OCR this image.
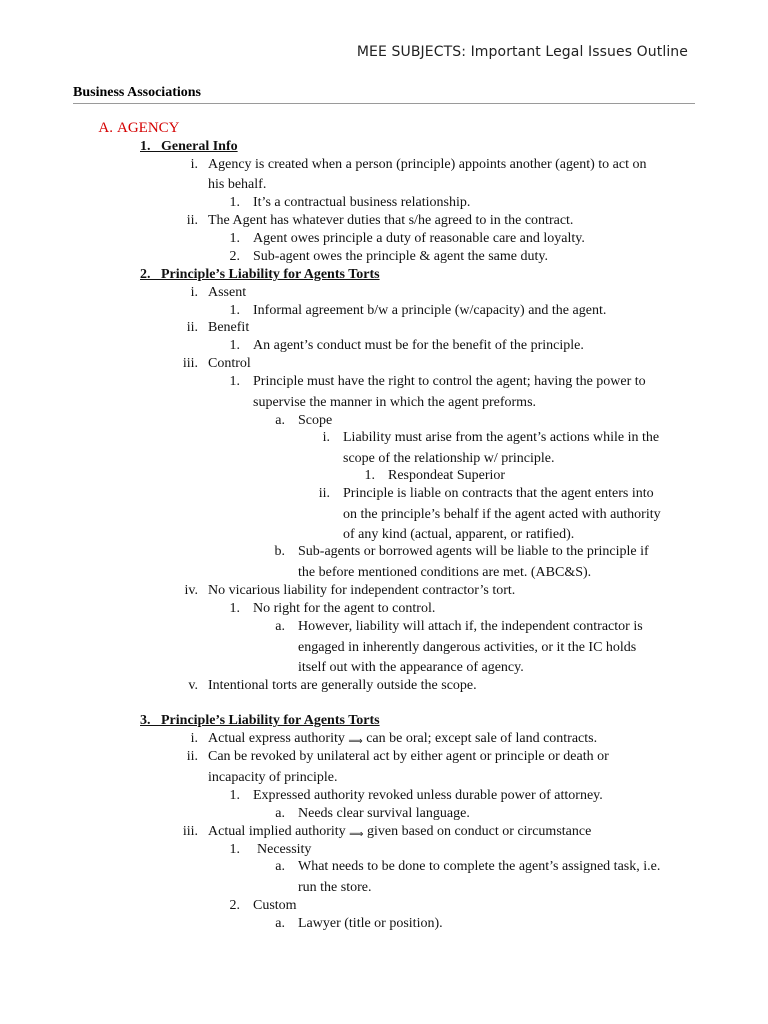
MEE SUBJECTS: Important Legal Issues Outline
Business Associations
A. AGENCY
1. General Info
i. Agency is created when a person (principle) appoints another (agent) to act on
his behalf.
1. It’s a contractual business relationship.
ii. The Agent has whatever duties that s/he agreed to in the contract.
1. Agent owes principle a duty of reasonable care and loyalty.
2. Sub-agent owes the principle & agent the same duty.
2. Principle’s Liability for Agents Torts
i. Assent
1. Informal agreement b/w a principle (w/capacity) and the agent.
ii. Benefit
1. An agent’s conduct must be for the benefit of the principle.
iii. Control
1. Principle must have the right to control the agent; having the power to
supervise the manner in which the agent preforms.
a. Scope
i. Liability must arise from the agent’s actions while in the
scope of the relationship w/ principle.
1. Respondeat Superior
ii. Principle is liable on contracts that the agent enters into
on the principle’s behalf if the agent acted with authority
of any kind (actual, apparent, or ratified).
b. Sub-agents or borrowed agents will be liable to the principle if
the before mentioned conditions are met. (ABC&S).
iv. No vicarious liability for independent contractor’s tort.
1. No right for the agent to control.
a. However, liability will attach if, the independent contractor is
engaged in inherently dangerous activities, or it the IC holds
itself out with the appearance of agency.
v. Intentional torts are generally outside the scope.
3. Principle’s Liability for Agents Torts
i. Actual express authority ⟹ can be oral; except sale of land contracts.
ii. Can be revoked by unilateral act by either agent or principle or death or
incapacity of principle.
1. Expressed authority revoked unless durable power of attorney.
a. Needs clear survival language.
iii. Actual implied authority ⟹ given based on conduct or circumstance
1. Necessity
a. What needs to be done to complete the agent’s assigned task, i.e.
run the store.
2. Custom
a. Lawyer (title or position).
